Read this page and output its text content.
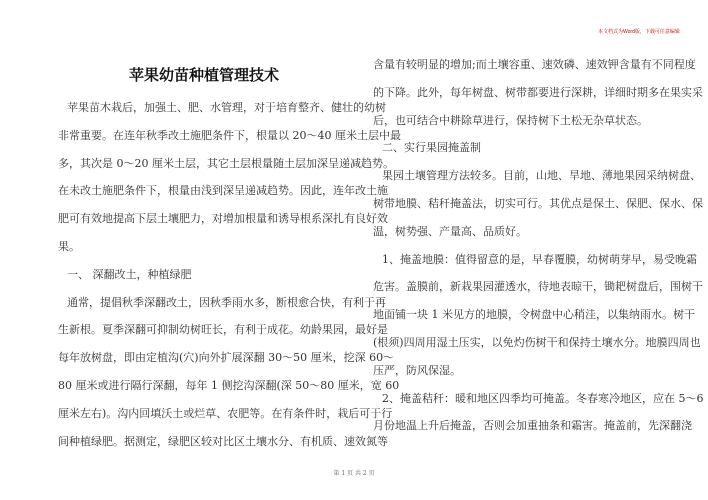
本文档式为Word版，下载可任意编辑
苹果幼苗种植管理技术
苹果苗木栽后，加强土、肥、水管理，对于培育整齐、健壮的幼树
非常重要。在连年秋季改土施肥条件下，根量以 20～40 厘米土层中最
多，其次是 0～20 厘米土层，其它土层根量随土层加深呈递减趋势。
在未改土施肥条件下，根量由浅到深呈递减趋势。因此，连年改土施
肥可有效地提高下层土壤肥力，对增加根量和诱导根系深扎有良好效
果。
一、 深翻改土，种植绿肥
通常，提倡秋季深翻改土，因秋季雨水多，断根愈合快，有利于再
生新根。夏季深翻可抑制幼树旺长，有利于成花。幼龄果园，最好是
每年放树盘，即由定植沟(穴)向外扩展深翻 30～50 厘米，挖深 60～
80 厘米或进行隔行深翻，每年 1 侧挖沟深翻(深 50～80 厘米，宽 60
厘米左右)。沟内回填沃土或烂草、农肥等。在有条件时，栽后可于行
间种植绿肥。据测定，绿肥区较对比区土壤水分、有机质、速效氮等
含量有较明显的增加;而土壤容重、速效磷、速效钾含量有不同程度
的下降。此外，每年树盘、树带都要进行深耕，详细时期多在果实采
后，也可结合中耕除草进行，保持树下土松无杂草状态。
二、实行果园掩盖制
果园土壤管理方法较多。目前，山地、旱地、薄地果园采纳树盘、
树带地膜、秸秆掩盖法，切实可行。其优点是保土、保肥、保水、保
温，树势强、产量高、品质好。
1、掩盖地膜：值得留意的是，早春覆膜，幼树萌芽早，易受晚霜
危害。盖膜前，新栽果园灌透水，待地表晾干，锄耙树盘后，围树干
地面铺一块 1 米见方的地膜，令树盘中心稍洼，以集纳雨水。树干
(根须)四周用湿土压实，以免灼伤树干和保持土壤水分。地膜四周也
压严，防风保湿。
2、掩盖秸秆：暖和地区四季均可掩盖。冬春寒冷地区，应在 5～6
月份地温上升后掩盖，否则会加重抽条和霜害。掩盖前，先深翻浇
第 1 页 共 2 页
